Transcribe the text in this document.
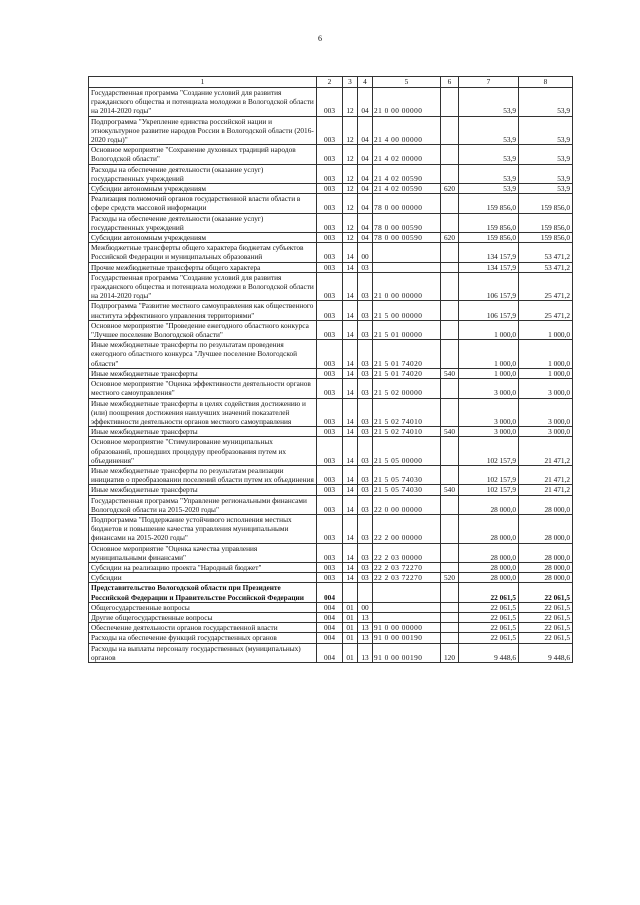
6
1	2	3	4	5	6	7	8
Государственная программа "Создание условий для развития гражданского общества и потенциала молодежи в Вологодской области на 2014-2020 годы"	003	12	04	21 0 00 00000		53,9	53,9
Подпрограмма "Укрепление единства российской нации и этнокультурное развитие народов России в Вологодской области (2016-2020 годы)"	003	12	04	21 4 00 00000		53,9	53,9
Основное мероприятие "Сохранение духовных традиций народов Вологодской области"	003	12	04	21 4 02 00000		53,9	53,9
Расходы на обеспечение деятельности (оказание услуг) государственных учреждений	003	12	04	21 4 02 00590		53,9	53,9
Субсидии автономным учреждениям	003	12	04	21 4 02 00590	620	53,9	53,9
Реализация полномочий органов государственной власти области в сфере средств массовой информации	003	12	04	78 0 00 00000		159 856,0	159 856,0
Расходы на обеспечение деятельности (оказание услуг) государственных учреждений	003	12	04	78 0 00 00590		159 856,0	159 856,0
Субсидии автономным учреждениям	003	12	04	78 0 00 00590	620	159 856,0	159 856,0
Межбюджетные трансферты общего характера бюджетам субъектов Российской Федерации и муниципальных образований	003	14	00			134 157,9	53 471,2
Прочие межбюджетные трансферты общего характера	003	14	03			134 157,9	53 471,2
Государственная программа "Создание условий для развития гражданского общества и потенциала молодежи в Вологодской области на 2014-2020 годы"	003	14	03	21 0 00 00000		106 157,9	25 471,2
Подпрограмма "Развитие местного самоуправления как общественного института эффективного управления территориями"	003	14	03	21 5 00 00000		106 157,9	25 471,2
Основное мероприятие "Проведение ежегодного областного конкурса "Лучшее поселение Вологодской области"	003	14	03	21 5 01 00000		1 000,0	1 000,0
Иные межбюджетные трансферты по результатам проведения ежегодного областного конкурса "Лучшее поселение Вологодской области"	003	14	03	21 5 01 74020		1 000,0	1 000,0
Иные межбюджетные трансферты	003	14	03	21 5 01 74020	540	1 000,0	1 000,0
Основное мероприятие "Оценка эффективности деятельности органов местного самоуправления"	003	14	03	21 5 02 00000		3 000,0	3 000,0
Иные межбюджетные трансферты в целях содействия достижению и (или) поощрения достижения наилучших значений показателей эффективности деятельности органов местного самоуправления	003	14	03	21 5 02 74010		3 000,0	3 000,0
Иные межбюджетные трансферты	003	14	03	21 5 02 74010	540	3 000,0	3 000,0
Основное мероприятие "Стимулирование муниципальных образований, прошедших процедуру преобразования путем их объединения"	003	14	03	21 5 05 00000		102 157,9	21 471,2
Иные межбюджетные трансферты по результатам реализации инициатив о преобразовании поселений области путем их объединения	003	14	03	21 5 05 74030		102 157,9	21 471,2
Иные межбюджетные трансферты	003	14	03	21 5 05 74030	540	102 157,9	21 471,2
Государственная программа "Управление региональными финансами Вологодской области на 2015-2020 годы"	003	14	03	22 0 00 00000		28 000,0	28 000,0
Подпрограмма "Поддержание устойчивого исполнения местных бюджетов и повышение качества управления муниципальными финансами на 2015-2020 годы"	003	14	03	22 2 00 00000		28 000,0	28 000,0
Основное мероприятие "Оценка качества управления муниципальными финансами"	003	14	03	22 2 03 00000		28 000,0	28 000,0
Субсидии на реализацию проекта "Народный бюджет"	003	14	03	22 2 03 72270		28 000,0	28 000,0
Субсидии	003	14	03	22 2 03 72270	520	28 000,0	28 000,0
Представительство Вологодской области при Президенте Российской Федерации и Правительстве Российской Федерации	004					22 061,5	22 061,5
Общегосударственные вопросы	004	01	00			22 061,5	22 061,5
Другие общегосударственные вопросы	004	01	13			22 061,5	22 061,5
Обеспечение деятельности органов государственной власти	004	01	13	91 0 00 00000		22 061,5	22 061,5
Расходы на обеспечение функций государственных органов	004	01	13	91 0 00 00190		22 061,5	22 061,5
Расходы на выплаты персоналу государственных (муниципальных) органов	004	01	13	91 0 00 00190	120	9 448,6	9 448,6
